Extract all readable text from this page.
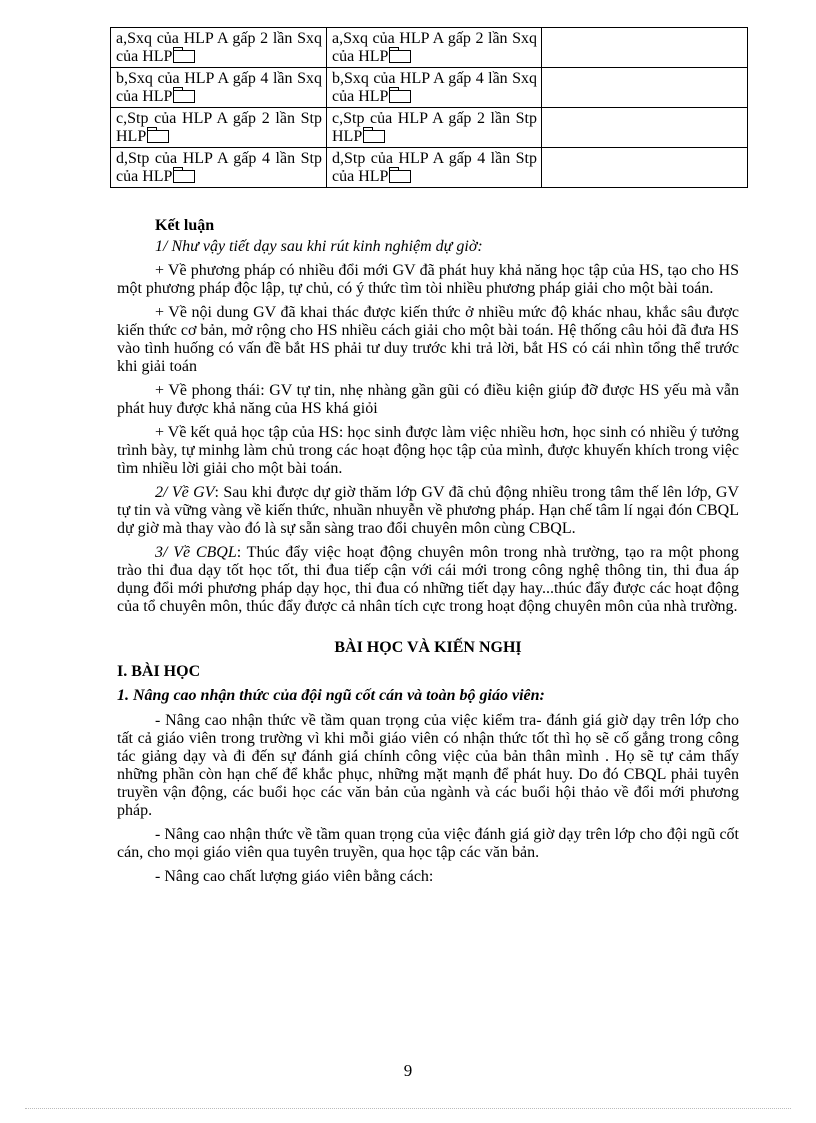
a,Sxq của HLP A gấp 2 lần Sxq của HLP	a,Sxq của HLP A gấp 2 lần Sxq của HLP	
b,Sxq của HLP A gấp 4 lần Sxq của HLP	b,Sxq của HLP A gấp 4 lần Sxq của HLP	
c,Stp của HLP A gấp 2 lần Stp HLP	c,Stp của HLP A gấp 2 lần Stp HLP	
d,Stp của HLP A gấp 4 lần Stp của HLP	d,Stp của HLP A gấp 4 lần Stp của HLP	
Kết luận

1/ Như vậy tiết dạy sau khi rút kinh nghiệm dự giờ:

+ Về phương pháp có nhiều đổi mới GV đã phát huy khả năng học tập của HS, tạo cho HS một phương pháp độc lập, tự chủ, có ý thức tìm tòi nhiều phương pháp giải cho một bài toán.

+ Về nội dung GV đã khai thác được kiến thức ở nhiều mức độ khác nhau, khắc sâu được kiến thức cơ bản, mở rộng cho HS nhiều cách giải cho một bài toán. Hệ thống câu hỏi đã đưa HS vào tình huống có vấn đề bắt HS phải tư duy trước khi trả lời, bắt HS có cái nhìn tổng thể trước khi giải toán

+ Về phong thái: GV tự tin, nhẹ nhàng gần gũi có điều kiện giúp đỡ được HS yếu mà vẫn phát huy được khả năng của HS khá giỏi

+ Về kết quả học tập của HS: học sinh được làm việc nhiều hơn, học sinh có nhiều ý tưởng trình bày, tự minhg làm chủ trong các hoạt động học tập của mình, được khuyến khích trong việc tìm nhiều lời giải cho một bài toán.

2/ Về GV: Sau khi được dự giờ thăm lớp GV đã chủ động nhiều trong tâm thế lên lớp, GV tự tin và vững vàng về kiến thức, nhuần nhuyễn về phương pháp. Hạn chế tâm lí ngại đón CBQL dự giờ mà thay vào đó là sự sẵn sàng trao đổi chuyên môn cùng CBQL.

3/ Về CBQL: Thúc đẩy việc hoạt động chuyên môn trong nhà trường, tạo ra một phong trào thi đua dạy tốt học tốt, thi đua tiếp cận với cái mới trong công nghệ thông tin, thi đua áp dụng đổi mới phương pháp dạy học, thi đua có những tiết dạy hay...thúc đẩy được các hoạt động của tổ chuyên môn, thúc đẩy được cả nhân tích cực trong hoạt động chuyên môn của nhà trường.

BÀI HỌC VÀ KIẾN NGHỊ
I. BÀI HỌC
1. Nâng cao nhận thức của đội ngũ cốt cán và toàn bộ giáo viên:

- Nâng cao nhận thức về tầm quan trọng của việc kiểm tra- đánh giá giờ dạy trên lớp cho tất cả giáo viên trong trường vì khi mỗi giáo viên có nhận thức tốt thì họ sẽ cố gắng trong công tác giảng dạy và đi đến sự đánh giá chính công việc của bản thân mình . Họ sẽ tự cảm thấy những phần còn hạn chế để khắc phục, những mặt mạnh để phát huy. Do đó CBQL phải tuyên truyền vận động, các buổi học các văn bản của ngành và các buổi hội thảo về đổi mới phương pháp.

- Nâng cao nhận thức về tầm quan trọng của việc đánh giá giờ dạy trên lớp cho đội ngũ cốt cán, cho mọi giáo viên qua tuyên truyền, qua học tập các văn bản.

- Nâng cao chất lượng giáo viên bằng cách:

9
